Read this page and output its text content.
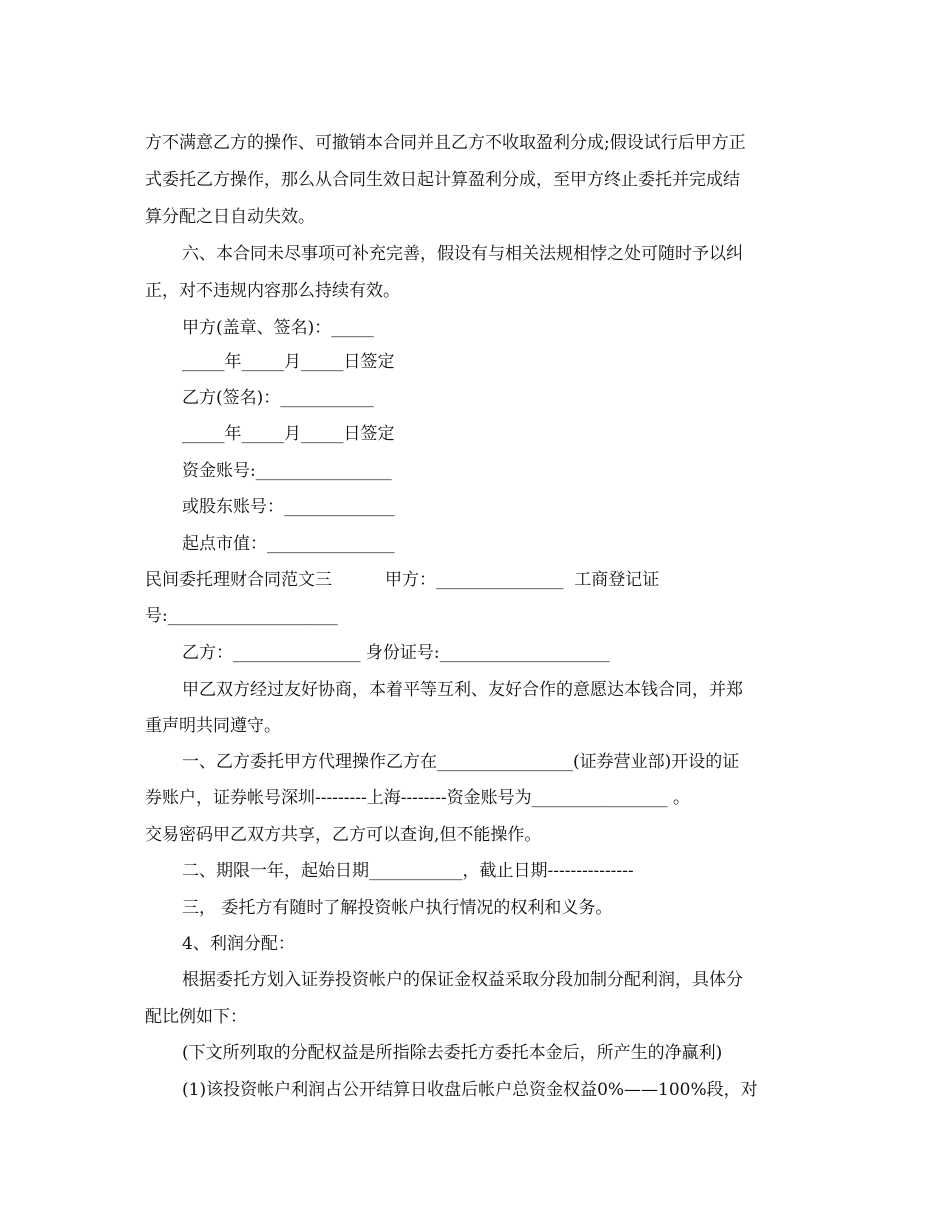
方不满意乙方的操作、可撤销本合同并且乙方不收取盈利分成;假设试行后甲方正
式委托乙方操作，那么从合同生效日起计算盈利分成，至甲方终止委托并完成结
算分配之日自动失效。
六、本合同未尽事项可补充完善，假设有与相关法规相悖之处可随时予以纠
正，对不违规内容那么持续有效。
甲方(盖章、签名)：_____
_____年_____月_____日签定
乙方(签名)：___________
_____年_____月_____日签定
资金账号:________________
或股东账号：_____________
起点市值：_______________
民间委托理财合同范文三	甲方：_______________  工商登记证
号:____________________
乙方：_______________ 身份证号:____________________
甲乙双方经过友好协商，本着平等互利、友好合作的意愿达本钱合同，并郑
重声明共同遵守。
一、乙方委托甲方代理操作乙方在________________(证券营业部)开设的证
券账户，证券帐号深圳---------上海--------资金账号为________________ 。
交易密码甲乙双方共享，乙方可以查询,但不能操作。
二、期限一年，起始日期___________，截止日期---------------
三， 委托方有随时了解投资帐户执行情况的权利和义务。
4、利润分配：
根据委托方划入证券投资帐户的保证金权益采取分段加制分配利润，具体分
配比例如下：
(下文所列取的分配权益是所指除去委托方委托本金后，所产生的净赢利)
(1)该投资帐户利润占公开结算日收盘后帐户总资金权益0%——100%段，对
